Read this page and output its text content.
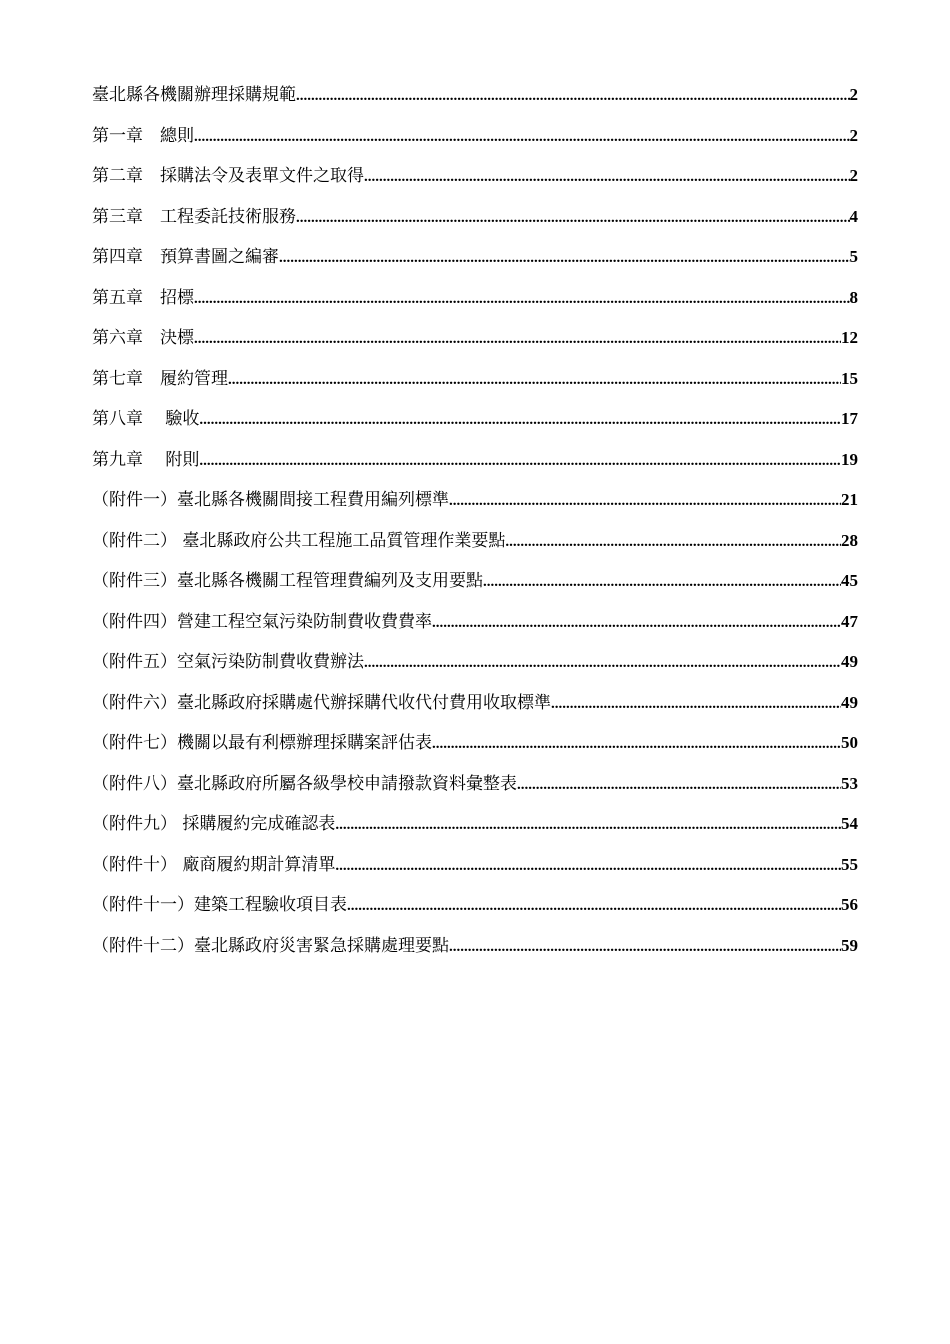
臺北縣各機關辦理採購規範 .....	2
第一章　總則 .....	2
第二章　採購法令及表單文件之取得 .....	2
第三章　工程委託技術服務 .....	4
第四章　預算書圖之編審 .....	5
第五章　招標 .....	8
第六章　決標 .....	12
第七章　履約管理 .....	15
第八章　 驗收 .....	17
第九章　 附則 .....	19
（附件一）臺北縣各機關間接工程費用編列標準 .....	21
（附件二） 臺北縣政府公共工程施工品質管理作業要點 .....	28
（附件三）臺北縣各機關工程管理費編列及支用要點 .....	45
（附件四）營建工程空氣污染防制費收費費率 .....	47
（附件五）空氣污染防制費收費辦法 .....	49
（附件六）臺北縣政府採購處代辦採購代收代付費用收取標準 .....	49
（附件七）機關以最有利標辦理採購案評估表 .....	50
（附件八）臺北縣政府所屬各級學校申請撥款資料彙整表 .....	53
（附件九） 採購履約完成確認表 .....	54
（附件十） 廠商履約期計算清單 .....	55
（附件十一）建築工程驗收項目表 .....	56
（附件十二）臺北縣政府災害緊急採購處理要點 .....	59
